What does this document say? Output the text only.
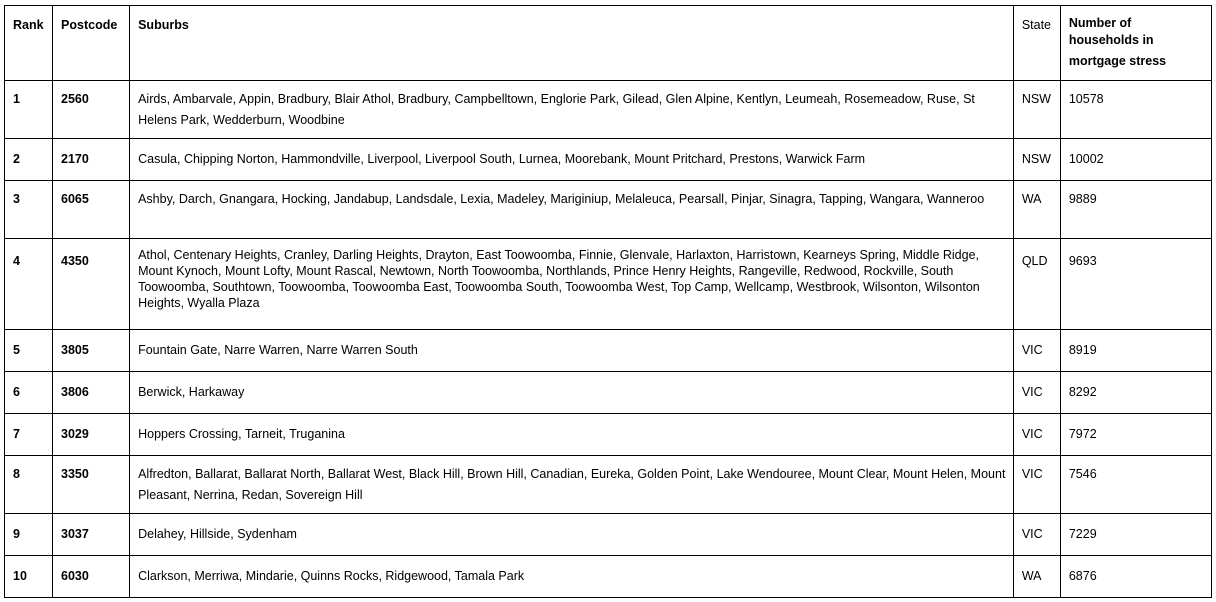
Rank	Postcode	Suburbs	State	Number of
households in
mortgage stress

1	2560	Airds, Ambarvale, Appin, Bradbury, Blair Athol, Bradbury, Campbelltown, Englorie Park, Gilead, Glen Alpine, Kentlyn, Leumeah, Rosemeadow, Ruse, St Helens Park, Wedderburn, Woodbine	NSW	10578

2	2170	Casula, Chipping Norton, Hammondville, Liverpool, Liverpool South, Lurnea, Moorebank, Mount Pritchard, Prestons, Warwick Farm	NSW	10002

3	6065	Ashby, Darch, Gnangara, Hocking, Jandabup, Landsdale, Lexia, Madeley, Mariginiup, Melaleuca, Pearsall, Pinjar, Sinagra, Tapping, Wangara, Wanneroo	WA	9889

4	4350	Athol, Centenary Heights, Cranley, Darling Heights, Drayton, East Toowoomba, Finnie, Glenvale, Harlaxton, Harristown, Kearneys Spring, Middle Ridge, Mount Kynoch, Mount Lofty, Mount Rascal, Newtown, North Toowoomba, Northlands, Prince Henry Heights, Rangeville, Redwood, Rockville, South Toowoomba, Southtown, Toowoomba, Toowoomba East, Toowoomba South, Toowoomba West, Top Camp, Wellcamp, Westbrook, Wilsonton, Wilsonton Heights, Wyalla Plaza	QLD	9693

5	3805	Fountain Gate, Narre Warren, Narre Warren South	VIC	8919

6	3806	Berwick, Harkaway	VIC	8292

7	3029	Hoppers Crossing, Tarneit, Truganina	VIC	7972

8	3350	Alfredton, Ballarat, Ballarat North, Ballarat West, Black Hill, Brown Hill, Canadian, Eureka, Golden Point, Lake Wendouree, Mount Clear, Mount Helen, Mount Pleasant, Nerrina, Redan, Sovereign Hill	VIC	7546

9	3037	Delahey, Hillside, Sydenham	VIC	7229

10	6030	Clarkson, Merriwa, Mindarie, Quinns Rocks, Ridgewood, Tamala Park	WA	6876
